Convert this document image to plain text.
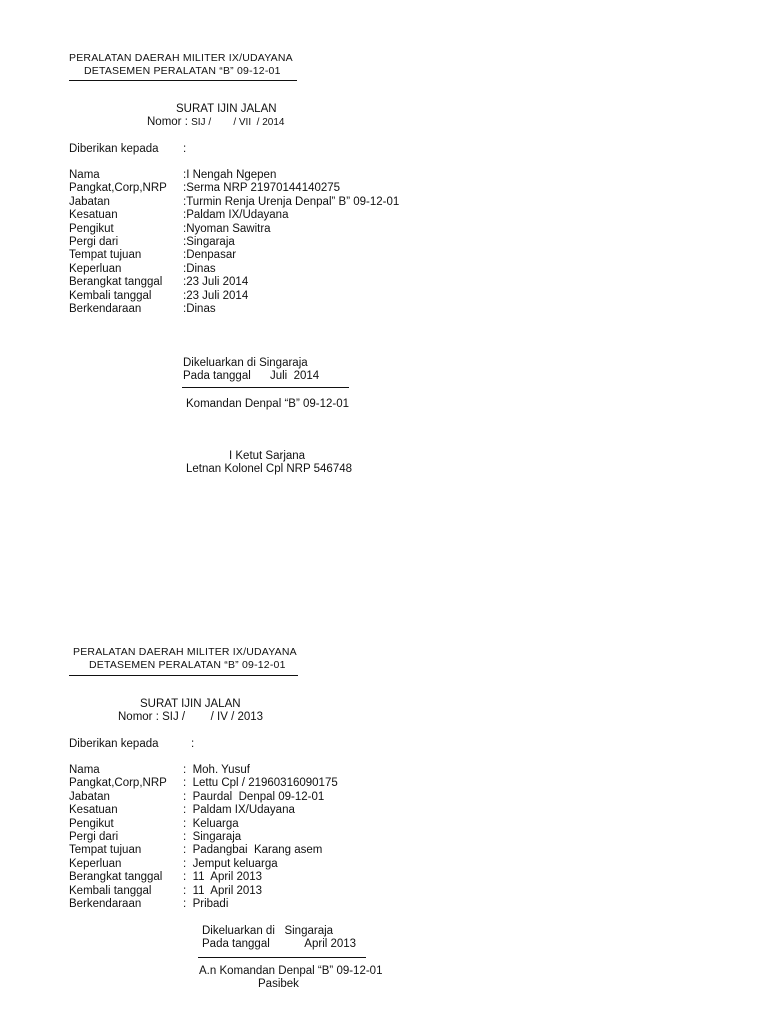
PERALATAN DAERAH MILITER IX/UDAYANA
DETASEMEN PERALATAN “B” 09-12-01
SURAT IJIN JALAN
Nomor : SIJ /        / VII  / 2014
Diberikan kepada :
Nama	:I Nengah Ngepen
Pangkat,Corp,NRP :Serma NRP 21970144140275
Jabatan	:Turmin Renja Urenja Denpal” B” 09-12-01
Kesatuan	:Paldam IX/Udayana
Pengikut	:Nyoman Sawitra
Pergi dari	:Singaraja
Tempat tujuan	:Denpasar
Keperluan	:Dinas
Berangkat tanggal :23 Juli 2014
Kembali tanggal	:23 Juli 2014
Berkendaraan	:Dinas
Dikeluarkan di Singaraja
Pada tanggal      Juli  2014
Komandan Denpal “B” 09-12-01
I Ketut Sarjana
Letnan Kolonel Cpl NRP 546748
PERALATAN DAERAH MILITER IX/UDAYANA
DETASEMEN PERALATAN “B” 09-12-01
SURAT IJIN JALAN
Nomor : SIJ /        / IV / 2013
Diberikan kepada	:
Nama	:  Moh. Yusuf
Pangkat,Corp,NRP :  Lettu Cpl / 21960316090175
Jabatan	:  Paurdal  Denpal 09-12-01
Kesatuan	:  Paldam IX/Udayana
Pengikut	:  Keluarga
Pergi dari	:  Singaraja
Tempat tujuan	:  Padangbai  Karang asem
Keperluan	:  Jemput keluarga
Berangkat tanggal :  11  April 2013
Kembali tanggal	:  11  April 2013
Berkendaraan	:  Pribadi
Dikeluarkan di   Singaraja
Pada tanggal           April 2013
A.n Komandan Denpal “B” 09-12-01
Pasibek
